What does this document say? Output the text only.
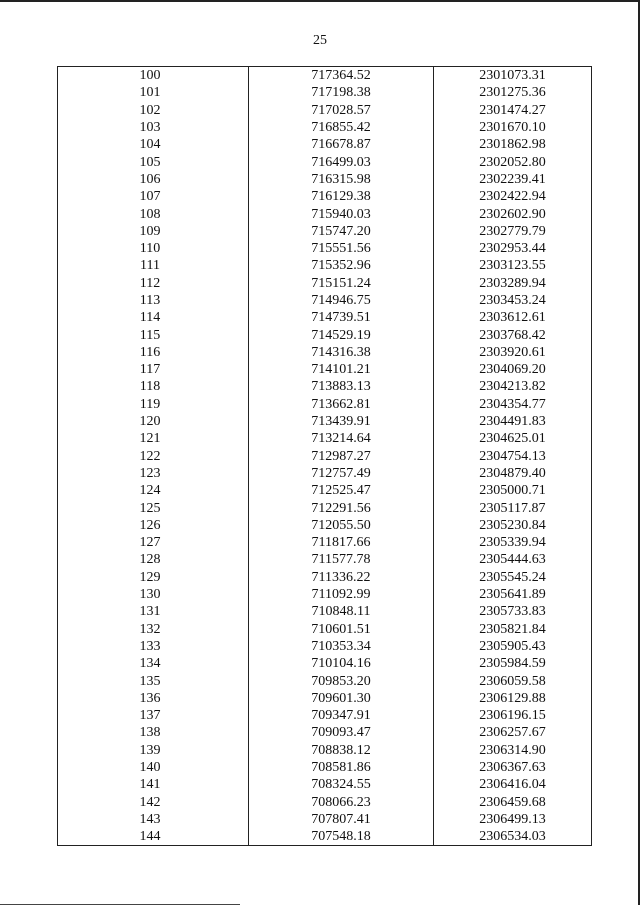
25
100	717364.52	2301073.31
101	717198.38	2301275.36
102	717028.57	2301474.27
103	716855.42	2301670.10
104	716678.87	2301862.98
105	716499.03	2302052.80
106	716315.98	2302239.41
107	716129.38	2302422.94
108	715940.03	2302602.90
109	715747.20	2302779.79
110	715551.56	2302953.44
111	715352.96	2303123.55
112	715151.24	2303289.94
113	714946.75	2303453.24
114	714739.51	2303612.61
115	714529.19	2303768.42
116	714316.38	2303920.61
117	714101.21	2304069.20
118	713883.13	2304213.82
119	713662.81	2304354.77
120	713439.91	2304491.83
121	713214.64	2304625.01
122	712987.27	2304754.13
123	712757.49	2304879.40
124	712525.47	2305000.71
125	712291.56	2305117.87
126	712055.50	2305230.84
127	711817.66	2305339.94
128	711577.78	2305444.63
129	711336.22	2305545.24
130	711092.99	2305641.89
131	710848.11	2305733.83
132	710601.51	2305821.84
133	710353.34	2305905.43
134	710104.16	2305984.59
135	709853.20	2306059.58
136	709601.30	2306129.88
137	709347.91	2306196.15
138	709093.47	2306257.67
139	708838.12	2306314.90
140	708581.86	2306367.63
141	708324.55	2306416.04
142	708066.23	2306459.68
143	707807.41	2306499.13
144	707548.18	2306534.03
